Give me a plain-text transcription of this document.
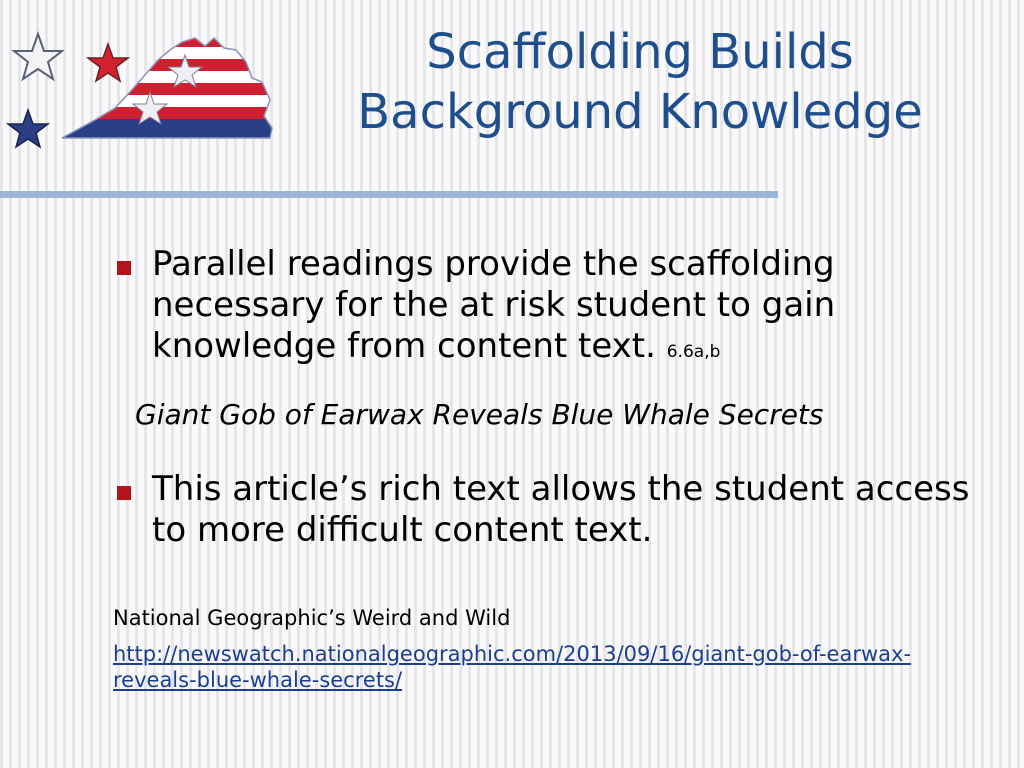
Scaffolding Builds
Background Knowledge
Parallel readings provide the scaffolding necessary for the at risk student to gain knowledge from content text. 6.6a,b
Giant Gob of Earwax Reveals Blue Whale Secrets
This article’s rich text allows the student access to more difficult content text.
National Geographic’s Weird and Wild
http://newswatch.nationalgeographic.com/2013/09/16/giant-gob-of-earwax-reveals-blue-whale-secrets/
